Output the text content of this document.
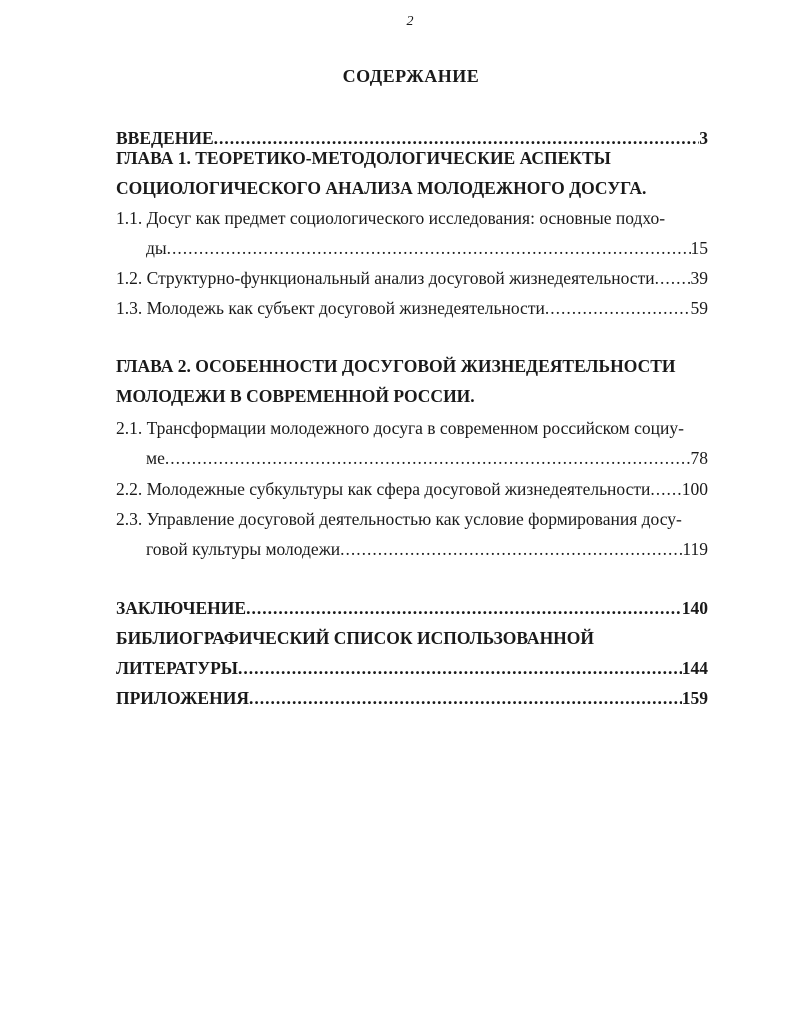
2
СОДЕРЖАНИЕ
ВВЕДЕНИЕ .....	3
ГЛАВА 1. ТЕОРЕТИКО-МЕТОДОЛОГИЧЕСКИЕ АСПЕКТЫ
СОЦИОЛОГИЧЕСКОГО АНАЛИЗА МОЛОДЕЖНОГО ДОСУГА.
1.1. Досуг как предмет социологического исследования: основные подхо-
ды .....	15
1.2. Структурно-функциональный анализ досуговой жизнедеятельности ..... 39
1.3. Молодежь как субъект досуговой жизнедеятельности .....	59
ГЛАВА 2. ОСОБЕННОСТИ ДОСУГОВОЙ ЖИЗНЕДЕЯТЕЛЬНОСТИ
МОЛОДЕЖИ В СОВРЕМЕННОЙ РОССИИ.
2.1. Трансформации молодежного досуга в современном российском социу-
ме .....	78
2.2. Молодежные субкультуры как сфера досуговой жизнедеятельности ..... 100
2.3. Управление досуговой деятельностью как условие формирования досу-
говой культуры молодежи .....	119
ЗАКЛЮЧЕНИЕ .....	140
БИБЛИОГРАФИЧЕСКИЙ СПИСОК ИСПОЛЬЗОВАННОЙ
ЛИТЕРАТУРЫ .....	144
ПРИЛОЖЕНИЯ .....	159
